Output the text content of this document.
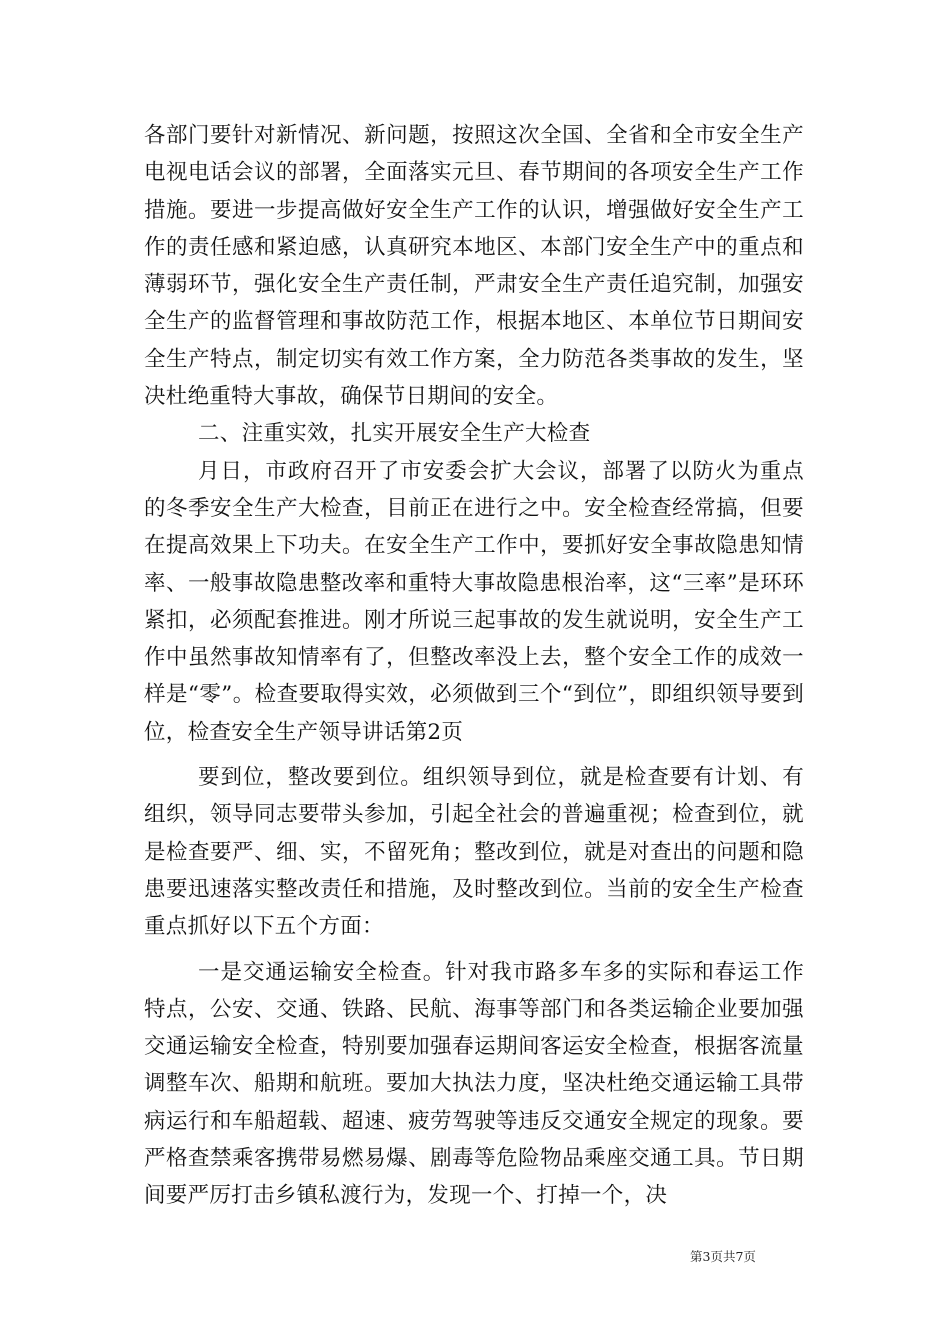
各部门要针对新情况、新问题，按照这次全国、全省和全市安全生产电视电话会议的部署，全面落实元旦、春节期间的各项安全生产工作措施。要进一步提高做好安全生产工作的认识，增强做好安全生产工作的责任感和紧迫感，认真研究本地区、本部门安全生产中的重点和薄弱环节，强化安全生产责任制，严肃安全生产责任追究制，加强安全生产的监督管理和事故防范工作，根据本地区、本单位节日期间安全生产特点，制定切实有效工作方案，全力防范各类事故的发生，坚决杜绝重特大事故，确保节日期间的安全。

二、注重实效，扎实开展安全生产大检查

月日，市政府召开了市安委会扩大会议，部署了以防火为重点的冬季安全生产大检查，目前正在进行之中。安全检查经常搞，但要在提高效果上下功夫。在安全生产工作中，要抓好安全事故隐患知情率、一般事故隐患整改率和重特大事故隐患根治率，这“三率”是环环紧扣，必须配套推进。刚才所说三起事故的发生就说明，安全生产工作中虽然事故知情率有了，但整改率没上去，整个安全工作的成效一样是“零”。检查要取得实效，必须做到三个“到位”，即组织领导要到位，检查安全生产领导讲话第2页

要到位，整改要到位。组织领导到位，就是检查要有计划、有组织，领导同志要带头参加，引起全社会的普遍重视；检查到位，就是检查要严、细、实，不留死角；整改到位，就是对查出的问题和隐患要迅速落实整改责任和措施，及时整改到位。当前的安全生产检查重点抓好以下五个方面：

一是交通运输安全检查。针对我市路多车多的实际和春运工作特点，公安、交通、铁路、民航、海事等部门和各类运输企业要加强交通运输安全检查，特别要加强春运期间客运安全检查，根据客流量调整车次、船期和航班。要加大执法力度，坚决杜绝交通运输工具带病运行和车船超载、超速、疲劳驾驶等违反交通安全规定的现象。要严格查禁乘客携带易燃易爆、剧毒等危险物品乘座交通工具。节日期间要严厉打击乡镇私渡行为，发现一个、打掉一个，决

第3页共7页
